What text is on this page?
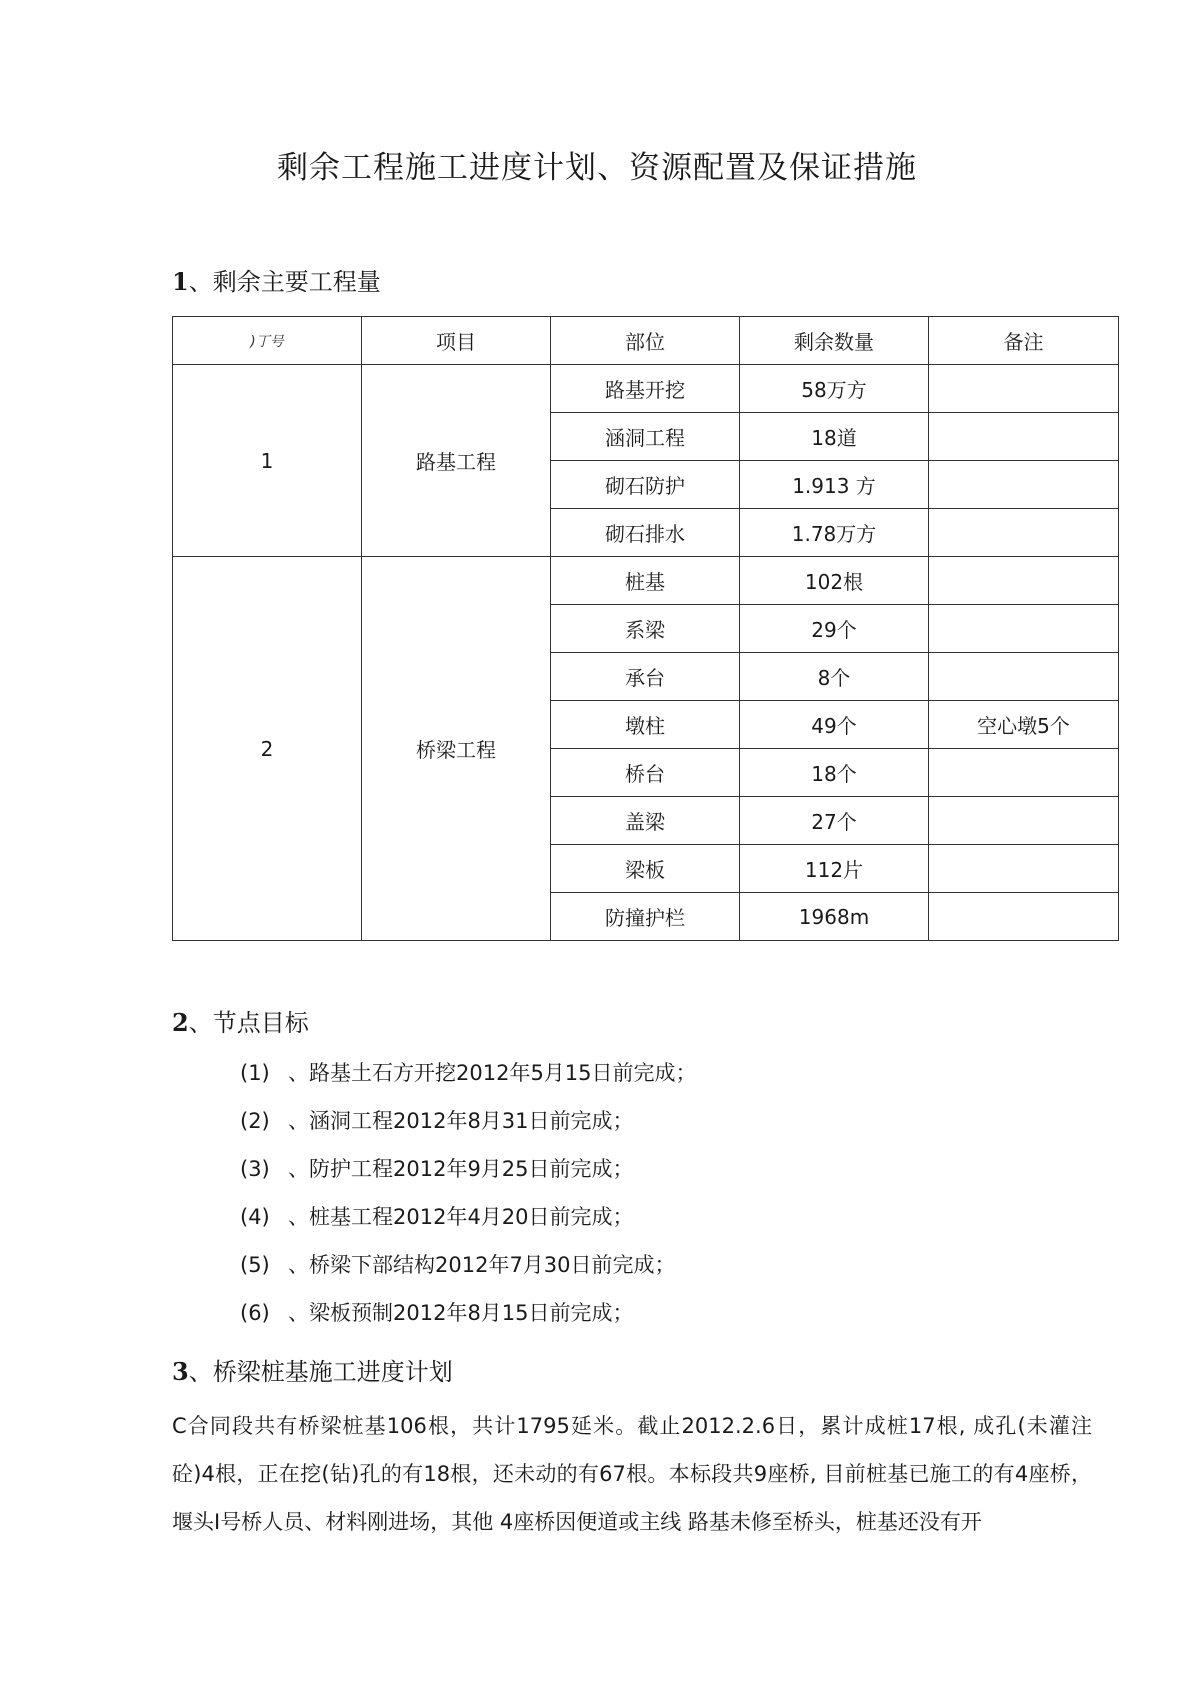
剩余工程施工进度计划、资源配置及保证措施
1、剩余主要工程量
)丁号	项目	部位	剩余数量	备注
1	路基工程	路基开挖	58万方	
		涵洞工程	18道	
		砌石防护	1.913 方	
		砌石排水	1.78万方	
2	桥梁工程	桩基	102根	
		系梁	29个	
		承台	8个	
		墩柱	49个	空心墩5个
		桥台	18个	
		盖梁	27个	
		梁板	112片	
		防撞护栏	1968m	
2、节点目标
(1) 、路基土石方开挖2012年5月15日前完成；
(2) 、涵洞工程2012年8月31日前完成；
(3) 、防护工程2012年9月25日前完成；
(4) 、桩基工程2012年4月20日前完成；
(5) 、桥梁下部结构2012年7月30日前完成；
(6) 、梁板预制2012年8月15日前完成；
3、桥梁桩基施工进度计划

C合同段共有桥梁桩基106根，共计1795延米。截止2012.2.6日，累计成桩17根, 成孔(未灌注砼)4根，正在挖(钻)孔的有18根，还未动的有67根。本标段共9座桥, 目前桩基已施工的有4座桥，堰头Ⅰ号桥人员、材料刚进场，其他 4座桥因便道或主线 路基未修至桥头，桩基还没有开
